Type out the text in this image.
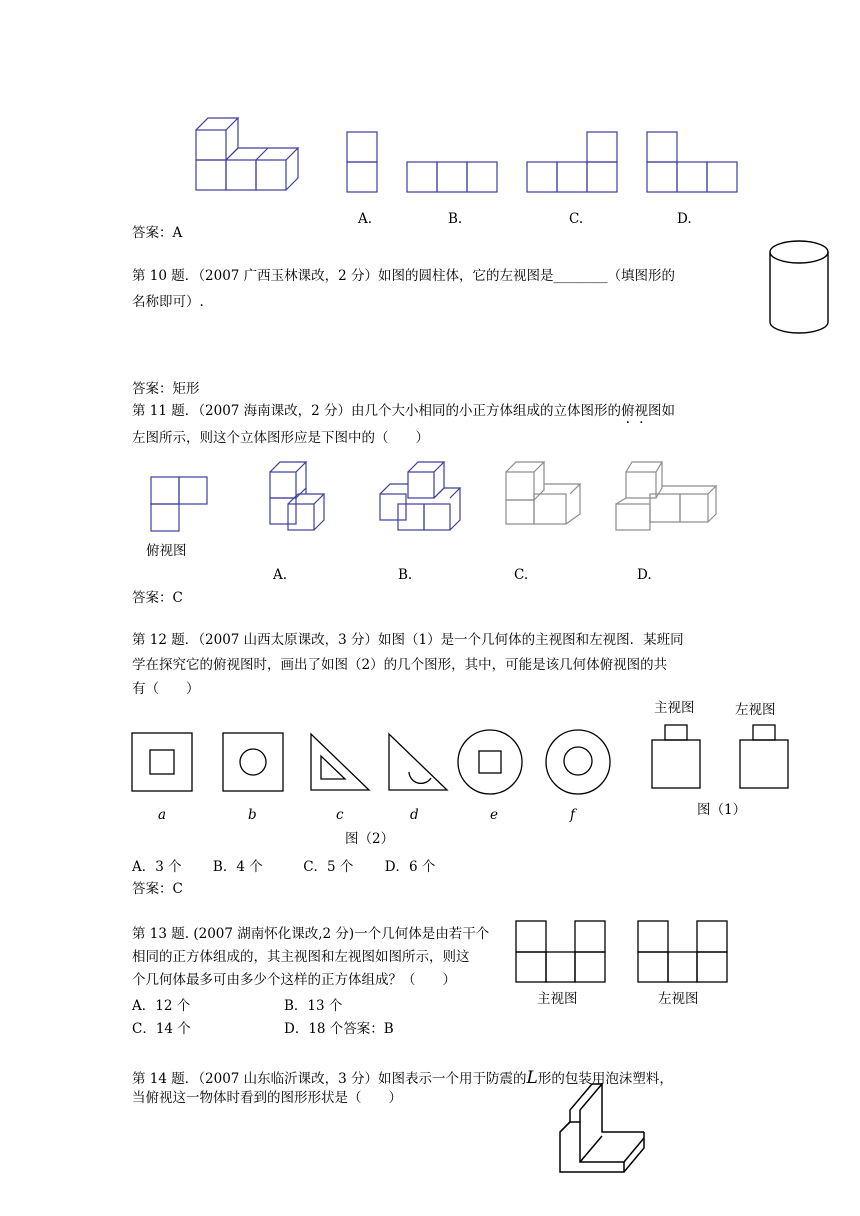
A.	B.	C.	D.
答案：A
第 10 题．（2007 广西玉林课改，2 分）如图的圆柱体，它的左视图是________（填图形的
名称即可）.
答案：矩形
第 11 题．（2007 海南课改，2 分）由几个大小相同的小正方体组成的立体图形的俯视图如
左图所示，则这个立体图形应是下图中的（　　）
俯视图
A.	B.	C.	D.
答案：C
第 12 题．（2007 山西太原课改，3 分）如图（1）是一个几何体的主视图和左视图．某班同
学在探究它的俯视图时，画出了如图（2）的几个图形，其中，可能是该几何体俯视图的共
有（　　）
主视图	左视图
图（1）
a	b	c	d	e	f
图（2）
A．3 个　　 B．4 个　　　C．5 个　　 D．6 个
答案：C
第 13 题. (2007 湖南怀化课改,2 分)一个几何体是由若干个
相同的正方体组成的，其主视图和左视图如图所示，则这
个几何体最多可由多少个这样的正方体组成？（　　）
A．12 个	B．13 个
C．14 个	D．18 个答案：B
主视图	左视图
第 14 题．（2007 山东临沂课改，3 分）如图表示一个用于防震的L形的包装用泡沫塑料，
当俯视这一物体时看到的图形形状是（　　）
